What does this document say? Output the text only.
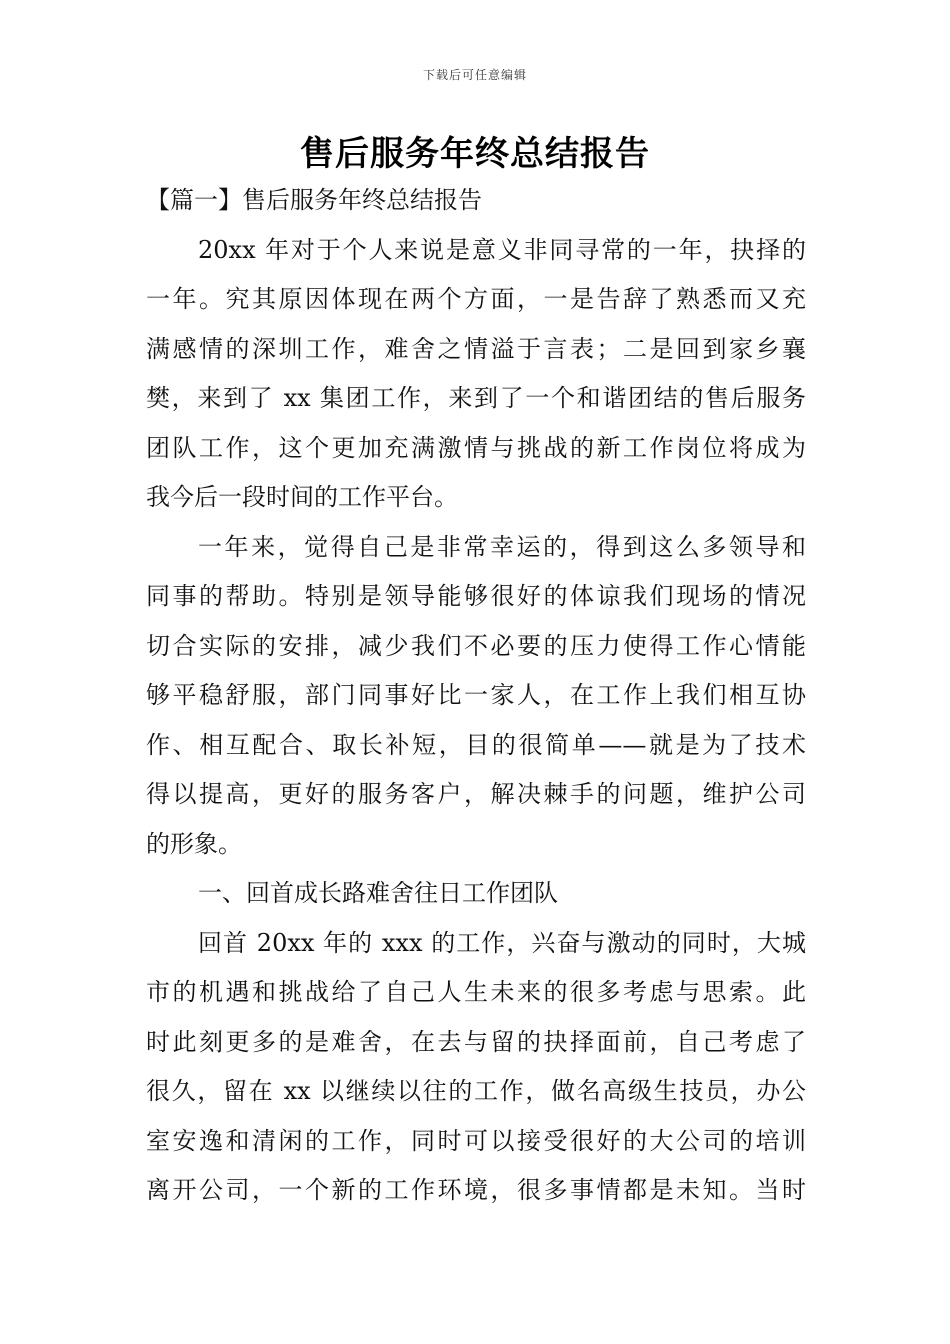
下载后可任意编辑
售后服务年终总结报告
【篇一】售后服务年终总结报告
20xx 年对于个人来说是意义非同寻常的一年，抉择的
一年。究其原因体现在两个方面，一是告辞了熟悉而又充
满感情的深圳工作，难舍之情溢于言表；二是回到家乡襄
樊，来到了 xx 集团工作，来到了一个和谐团结的售后服务
团队工作，这个更加充满激情与挑战的新工作岗位将成为
我今后一段时间的工作平台。
一年来，觉得自己是非常幸运的，得到这么多领导和
同事的帮助。特别是领导能够很好的体谅我们现场的情况
切合实际的安排，减少我们不必要的压力使得工作心情能
够平稳舒服，部门同事好比一家人，在工作上我们相互协
作、相互配合、取长补短，目的很简单——就是为了技术
得以提高，更好的服务客户，解决棘手的问题，维护公司
的形象。
一、回首成长路难舍往日工作团队
回首 20xx 年的 xxx 的工作，兴奋与激动的同时，大城
市的机遇和挑战给了自己人生未来的很多考虑与思索。此
时此刻更多的是难舍，在去与留的抉择面前，自己考虑了
很久，留在 xx 以继续以往的工作，做名高级生技员，办公
室安逸和清闲的工作，同时可以接受很好的大公司的培训
离开公司，一个新的工作环境，很多事情都是未知。当时
